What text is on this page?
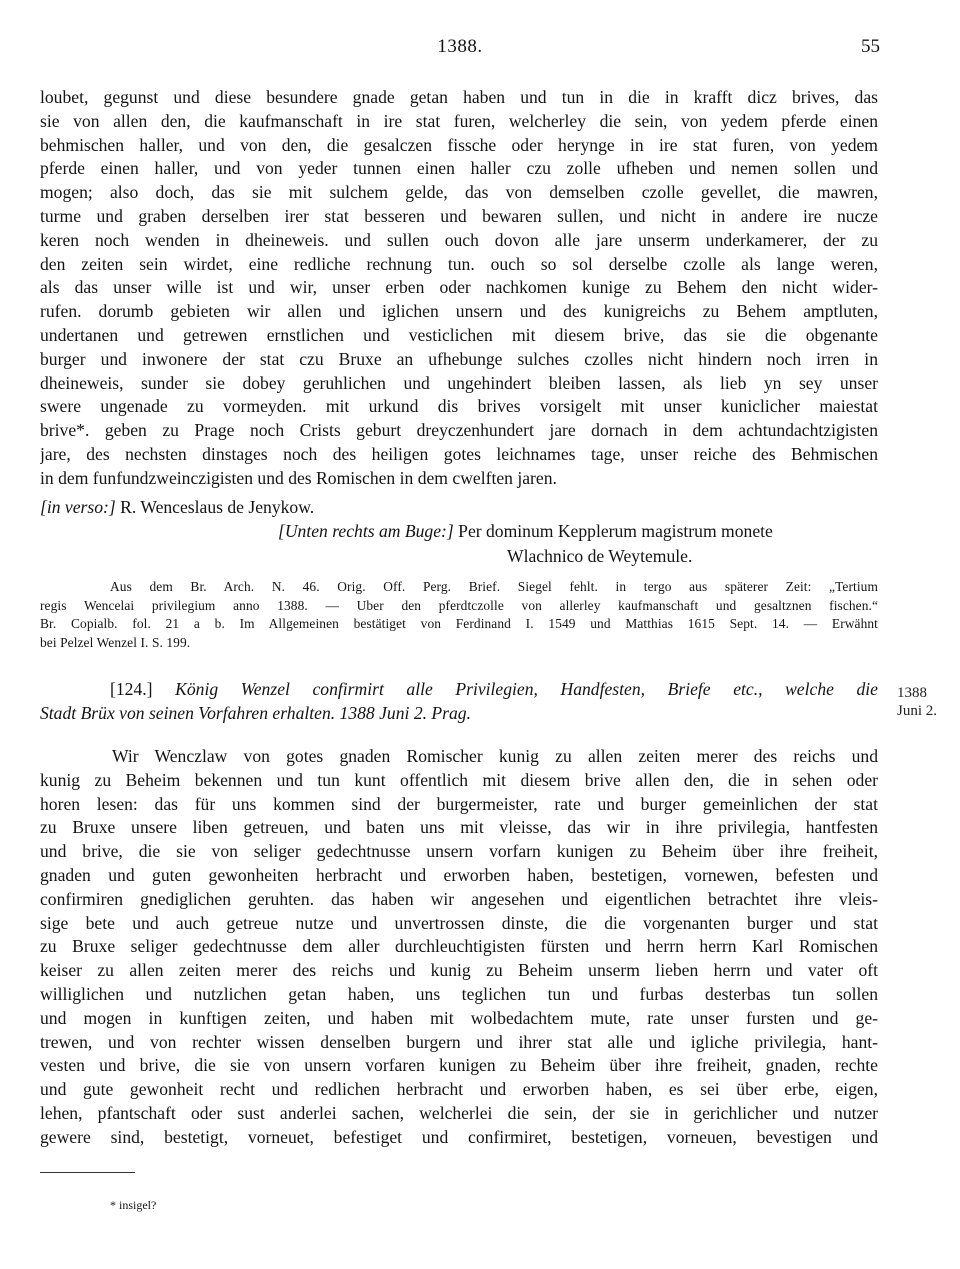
1388.	55
loubet, gegunst und diese besundere gnade getan haben und tun in die in krafft dicz brives, das
sie von allen den, die kaufmanschaft in ire stat furen, welcherley die sein, von yedem pferde einen
behmischen haller, und von den, die gesalczen fissche oder herynge in ire stat furen, von yedem
pferde einen haller, und von yeder tunnen einen haller czu zolle ufheben und nemen sollen und
mogen; also doch, das sie mit sulchem gelde, das von demselben czolle gevellet, die mawren,
turme und graben derselben irer stat besseren und bewaren sullen, und nicht in andere ire nucze
keren noch wenden in dheineweis. und sullen ouch dovon alle jare unserm underkamerer, der zu
den zeiten sein wirdet, eine redliche rechnung tun. ouch so sol derselbe czolle als lange weren,
als das unser wille ist und wir, unser erben oder nachkomen kunige zu Behem den nicht wider-
rufen. dorumb gebieten wir allen und iglichen unsern und des kunigreichs zu Behem amptluten,
undertanen und getrewen ernstlichen und vesticlichen mit diesem brive, das sie die obgenante
burger und inwonere der stat czu Bruxe an ufhebunge sulches czolles nicht hindern noch irren in
dheineweis, sunder sie dobey geruhlichen und ungehindert bleiben lassen, als lieb yn sey unser
swere ungenade zu vormeyden. mit urkund dis brives vorsigelt mit unser kuniclicher maiestat
brive*. geben zu Prage noch Crists geburt dreyczenhundert jare dornach in dem achtundachtzigisten
jare, des nechsten dinstages noch des heiligen gotes leichnames tage, unser reiche des Behmischen
in dem funfundzweinczigisten und des Romischen in dem cwelften jaren.
[in verso:] R. Wenceslaus de Jenykow.
[Unten rechts am Buge:] Per dominum Kepplerum magistrum monete
Wlachnico de Weytemule.
Aus dem Br. Arch. N. 46. Orig. Off. Perg. Brief. Siegel fehlt. in tergo aus späterer Zeit: „Tertium
regis Wencelai privilegium anno 1388. — Uber den pferdtczolle von allerley kaufmanschaft und gesaltznen fischen.“
Br. Copialb. fol. 21 a b. Im Allgemeinen bestätiget von Ferdinand I. 1549 und Matthias 1615 Sept. 14. — Erwähnt
bei Pelzel Wenzel I. S. 199.
[124.] König Wenzel confirmirt alle Privilegien, Handfesten, Briefe etc., welche die
Stadt Brüx von seinen Vorfahren erhalten. 1388 Juni 2. Prag.
1388
Juni 2.
Wir Wenczlaw von gotes gnaden Romischer kunig zu allen zeiten merer des reichs und
kunig zu Beheim bekennen und tun kunt offentlich mit diesem brive allen den, die in sehen oder
horen lesen: das für uns kommen sind der burgermeister, rate und burger gemeinlichen der stat
zu Bruxe unsere liben getreuen, und baten uns mit vleisse, das wir in ihre privilegia, hantfesten
und brive, die sie von seliger gedechtnusse unsern vorfarn kunigen zu Beheim über ihre freiheit,
gnaden und guten gewonheiten herbracht und erworben haben, bestetigen, vornewen, befesten und
confirmiren gnediglichen geruhten. das haben wir angesehen und eigentlichen betrachtet ihre vleis-
sige bete und auch getreue nutze und unvertrossen dinste, die die vorgenanten burger und stat
zu Bruxe seliger gedechtnusse dem aller durchleuchtigisten fürsten und herrn herrn Karl Romischen
keiser zu allen zeiten merer des reichs und kunig zu Beheim unserm lieben herrn und vater oft
williglichen und nutzlichen getan haben, uns teglichen tun und furbas desterbas tun sollen
und mogen in kunftigen zeiten, und haben mit wolbedachtem mute, rate unser fursten und ge-
trewen, und von rechter wissen denselben burgern und ihrer stat alle und igliche privilegia, hant-
vesten und brive, die sie von unsern vorfaren kunigen zu Beheim über ihre freiheit, gnaden, rechte
und gute gewonheit recht und redlichen herbracht und erworben haben, es sei über erbe, eigen,
lehen, pfantschaft oder sust anderlei sachen, welcherlei die sein, der sie in gerichlicher und nutzer
gewere sind, bestetigt, vorneuet, befestiget und confirmiret, bestetigen, vorneuen, bevestigen und
* insigel?
